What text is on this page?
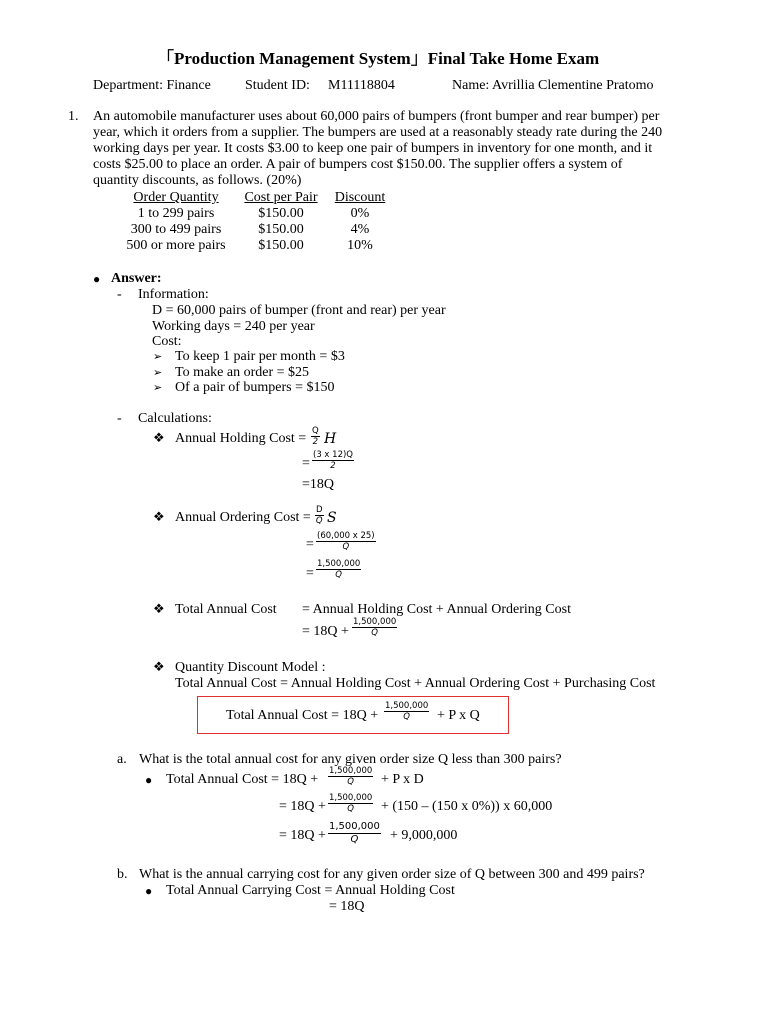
「Production Management System」Final Take Home Exam
Department: Finance Student ID: M11118804	Name: Avrillia Clementine Pratomo
1. An automobile manufacturer uses about 60,000 pairs of bumpers (front bumper and rear bumper) per
year, which it orders from a supplier. The bumpers are used at a reasonably steady rate during the 240
working days per year. It costs $3.00 to keep one pair of bumpers in inventory for one month, and it
costs $25.00 to place an order. A pair of bumpers cost $150.00. The supplier offers a system of
quantity discounts, as follows. (20%)
Order Quantity	Cost per Pair	Discount
1 to 299 pairs	$150.00	0%
300 to 499 pairs	$150.00	4%
500 or more pairs	$150.00	10%
● Answer:
- Information:
D = 60,000 pairs of bumper (front and rear) per year
Working days = 240 per year
Cost:
➢ To keep 1 pair per month = $3
➢ To make an order = $25
➢ Of a pair of bumpers = $150
- Calculations:
❖ Annual Holding Cost = $\frac{Q}{2}$ H
= $\frac{(3 x 12)Q}{2}$
=18Q
❖ Annual Ordering Cost = $\frac{D}{Q}$ S
= $\frac{(60,000 x 25)}{Q}$
= $\frac{1,500,000}{Q}$
❖ Total Annual Cost = Annual Holding Cost + Annual Ordering Cost
= $18Q + \frac{1,500,000}{Q}$
❖ Quantity Discount Model :
Total Annual Cost = Annual Holding Cost + Annual Ordering Cost + Purchasing Cost
Total Annual Cost = $18Q + \frac{1,500,000}{Q} + P$ x Q
a. What is the total annual cost for any given order size Q less than 300 pairs?
● Total Annual Cost = $18Q + \frac{1,500,000}{Q} + P$ x D
= $18Q + \frac{1,500,000}{Q} + (150 - (150$ x 0%)) x 60,000
= $18Q + \frac{1,500,000}{Q} + 9,000,000$
b. What is the annual carrying cost for any given order size of Q between 300 and 499 pairs?
● Total Annual Carrying Cost = Annual Holding Cost
= 18Q
